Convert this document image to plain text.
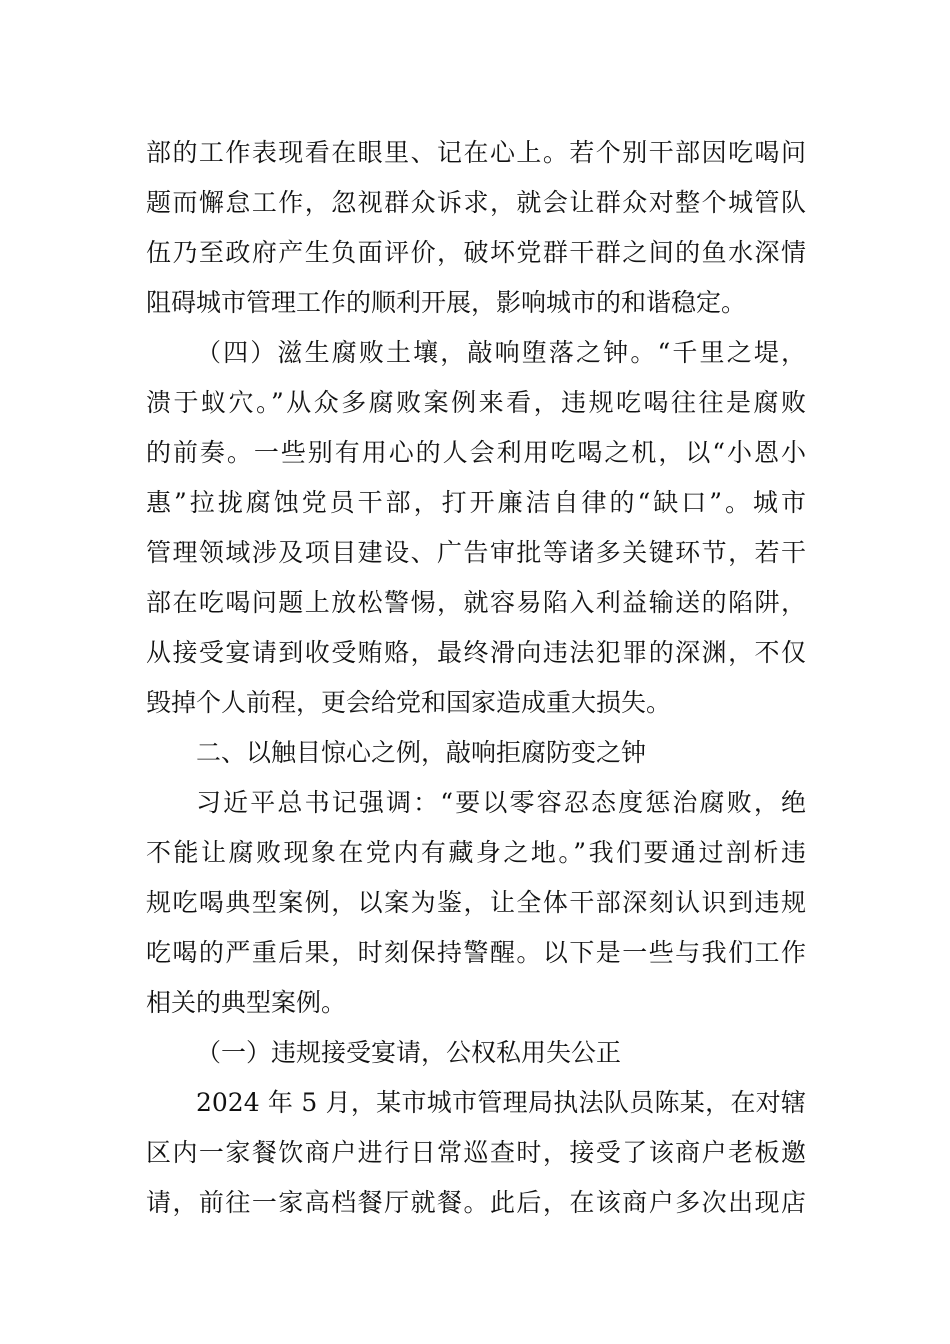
部的工作表现看在眼里、记在心上。若个别干部因吃喝问
题而懈怠工作，忽视群众诉求，就会让群众对整个城管队
伍乃至政府产生负面评价，破坏党群干群之间的鱼水深情
阻碍城市管理工作的顺利开展，影响城市的和谐稳定。
（四）滋生腐败土壤，敲响堕落之钟。“千里之堤，
溃于蚁穴。”从众多腐败案例来看，违规吃喝往往是腐败
的前奏。一些别有用心的人会利用吃喝之机，以“小恩小
惠”拉拢腐蚀党员干部，打开廉洁自律的“缺口”。城市
管理领域涉及项目建设、广告审批等诸多关键环节，若干
部在吃喝问题上放松警惕，就容易陷入利益输送的陷阱，
从接受宴请到收受贿赂，最终滑向违法犯罪的深渊，不仅
毁掉个人前程，更会给党和国家造成重大损失。
二、以触目惊心之例，敲响拒腐防变之钟
习近平总书记强调：“要以零容忍态度惩治腐败，绝
不能让腐败现象在党内有藏身之地。”我们要通过剖析违
规吃喝典型案例，以案为鉴，让全体干部深刻认识到违规
吃喝的严重后果，时刻保持警醒。以下是一些与我们工作
相关的典型案例。
（一）违规接受宴请，公权私用失公正
2024 年 5 月，某市城市管理局执法队员陈某，在对辖
区内一家餐饮商户进行日常巡查时，接受了该商户老板邀
请，前往一家高档餐厅就餐。此后，在该商户多次出现店
